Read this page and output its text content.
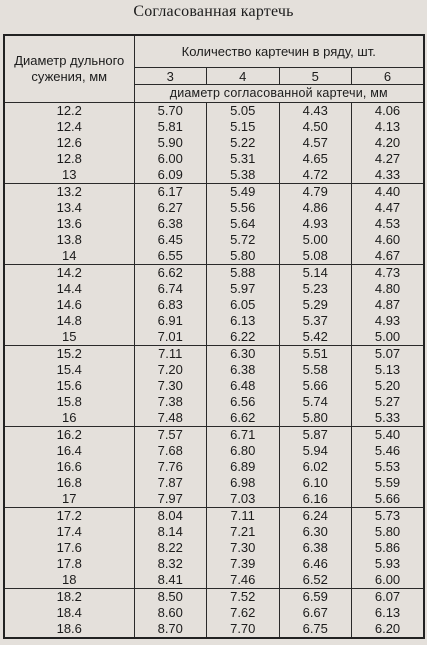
Согласованная картечь
Диаметр дульного сужения, мм	Количество картечин в ряду, шт.			
	3	4	5	6
	диаметр согласованной картечи, мм			
12.2	5.70	5.05	4.43	4.06
12.4	5.81	5.15	4.50	4.13
12.6	5.90	5.22	4.57	4.20
12.8	6.00	5.31	4.65	4.27
13	6.09	5.38	4.72	4.33
13.2	6.17	5.49	4.79	4.40
13.4	6.27	5.56	4.86	4.47
13.6	6.38	5.64	4.93	4.53
13.8	6.45	5.72	5.00	4.60
14	6.55	5.80	5.08	4.67
14.2	6.62	5.88	5.14	4.73
14.4	6.74	5.97	5.23	4.80
14.6	6.83	6.05	5.29	4.87
14.8	6.91	6.13	5.37	4.93
15	7.01	6.22	5.42	5.00
15.2	7.11	6.30	5.51	5.07
15.4	7.20	6.38	5.58	5.13
15.6	7.30	6.48	5.66	5.20
15.8	7.38	6.56	5.74	5.27
16	7.48	6.62	5.80	5.33
16.2	7.57	6.71	5.87	5.40
16.4	7.68	6.80	5.94	5.46
16.6	7.76	6.89	6.02	5.53
16.8	7.87	6.98	6.10	5.59
17	7.97	7.03	6.16	5.66
17.2	8.04	7.11	6.24	5.73
17.4	8.14	7.21	6.30	5.80
17.6	8.22	7.30	6.38	5.86
17.8	8.32	7.39	6.46	5.93
18	8.41	7.46	6.52	6.00
18.2	8.50	7.52	6.59	6.07
18.4	8.60	7.62	6.67	6.13
18.6	8.70	7.70	6.75	6.20
